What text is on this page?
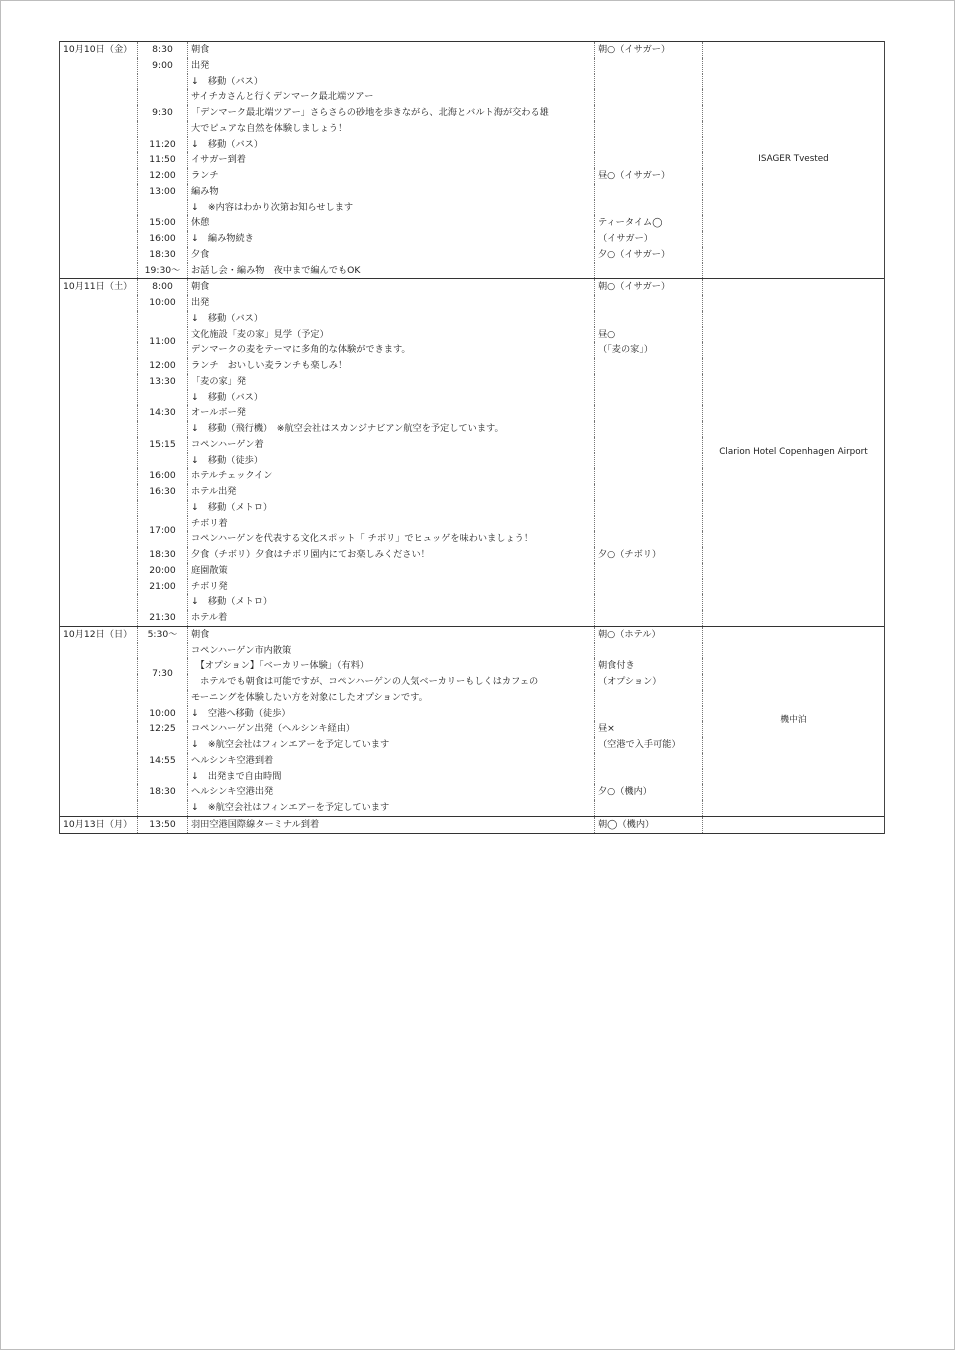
10月10日（金）	8:30	朝食	朝○（イサガー）	ISAGER Tvested
	9:00	出発		
		↓　移動（バス）		
		サイチカさんと行くデンマーク最北端ツアー		
	9:30	「デンマーク最北端ツアー」さらさらの砂地を歩きながら、北海とバルト海が交わる雄		
		大でピュアな自然を体験しましょう！		
	11:20	↓　移動（バス）		
	11:50	イサガー到着		
	12:00	ランチ	昼○（イサガー）	
	13:00	編み物		
		↓　※内容はわかり次第お知らせします		
	15:00	休憩	ティータイム◯	
	16:00	↓　編み物続き	（イサガー）	
	18:30	夕食	夕○（イサガー）	
	19:30〜	お話し会・編み物　夜中まで編んでもOK		
10月11日（土）	8:00	朝食	朝○（イサガー）	Clarion Hotel Copenhagen Airport
	10:00	出発		
		↓　移動（バス）		
	11:00	文化施設「麦の家」見学（予定）	昼○	
		デンマークの麦をテーマに多角的な体験ができます。	（「麦の家」）	
	12:00	ランチ　おいしい麦ランチも楽しみ！		
	13:30	「麦の家」発		
		↓　移動（バス）		
	14:30	オールボー発		
		↓　移動（飛行機）　※航空会社はスカンジナビアン航空を予定しています。		
	15:15	コペンハーゲン着		
		↓　移動（徒歩）		
	16:00	ホテルチェックイン		
	16:30	ホテル出発		
		↓　移動（メトロ）		
	17:00	チボリ着		
		コペンハーゲンを代表する文化スポット「 チボリ」でヒュッゲを味わいましょう！		
	18:30	夕食（チボリ）夕食はチボリ園内にてお楽しみください！	夕○（チボリ）	
	20:00	庭園散策		
	21:00	チボリ発		
		↓　移動（メトロ）		
	21:30	ホテル着		
10月12日（日）	5:30〜	朝食	朝○（ホテル）	機中泊
	7:30	コペンハーゲン市内散策		
		　【オプション】「ベーカリー体験」（有料）	朝食付き	
		　ホテルでも朝食は可能ですが、コペンハーゲンの人気ベーカリーもしくはカフェの	（オプション）	
		モーニングを体験したい方を対象にしたオプションです。		
	10:00	↓　空港へ移動（徒歩）		
	12:25	コペンハーゲン出発（ヘルシンキ経由）	昼×	
		↓　※航空会社はフィンエアーを予定しています	（空港で入手可能）	
	14:55	ヘルシンキ空港到着		
		↓　出発まで自由時間		
	18:30	ヘルシンキ空港出発	夕○（機内）	
		↓　※航空会社はフィンエアーを予定しています		
10月13日（月）	13:50	羽田空港国際線ターミナル到着	朝◯（機内）	
